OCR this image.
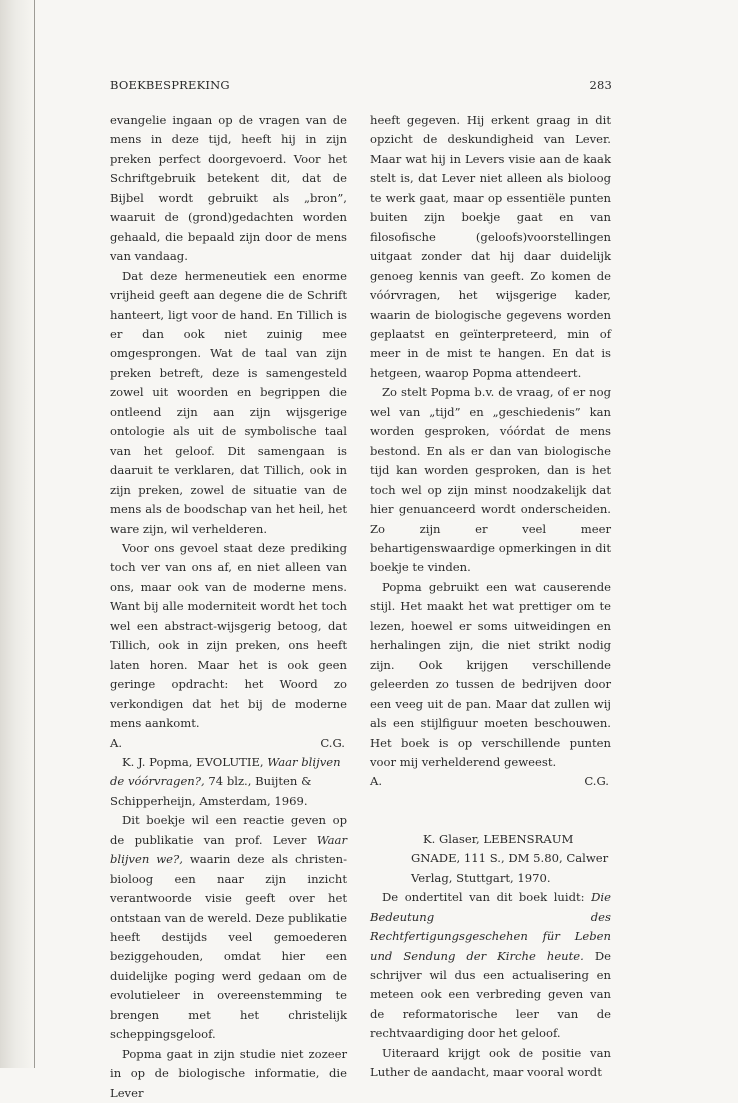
BOEKBESPREKING	283

evangelie ingaan op de vragen van de mens in deze tijd, heeft hij in zijn preken perfect doorgevoerd. Voor het Schriftgebruik betekent dit, dat de Bijbel wordt gebruikt als „bron”, waaruit de (grond)gedachten worden gehaald, die bepaald zijn door de mens van vandaag.

Dat deze hermeneutiek een enorme vrijheid geeft aan degene die de Schrift hanteert, ligt voor de hand. En Tillich is er dan ook niet zuinig mee omgesprongen. Wat de taal van zijn preken betreft, deze is samengesteld zowel uit woorden en begrippen die ontleend zijn aan zijn wijsgerige ontologie als uit de symbolische taal van het geloof. Dit samengaan is daaruit te verklaren, dat Tillich, ook in zijn preken, zowel de situatie van de mens als de boodschap van het heil, het ware zijn, wil verhelderen.

Voor ons gevoel staat deze prediking toch ver van ons af, en niet alleen van ons, maar ook van de moderne mens. Want bij alle moderniteit wordt het toch wel een abstract-wijsgerig betoog, dat Tillich, ook in zijn preken, ons heeft laten horen. Maar het is ook geen geringe opdracht: het Woord zo verkondigen dat het bij de moderne mens aankomt.

A.	C.G.

K. J. Popma, EVOLUTIE, Waar blijven de vóórvragen?, 74 blz., Buijten & Schipperheijn, Amsterdam, 1969.

Dit boekje wil een reactie geven op de publikatie van prof. Lever Waar blijven we?, waarin deze als christen-bioloog een naar zijn inzicht verantwoorde visie geeft over het ontstaan van de wereld. Deze publikatie heeft destijds veel gemoederen beziggehouden, omdat hier een duidelijke poging werd gedaan om de evolutieleer in overeenstemming te brengen met het christelijk scheppingsgeloof.

Popma gaat in zijn studie niet zozeer in op de biologische informatie, die Lever

heeft gegeven. Hij erkent graag in dit opzicht de deskundigheid van Lever. Maar wat hij in Levers visie aan de kaak stelt is, dat Lever niet alleen als bioloog te werk gaat, maar op essentiële punten buiten zijn boekje gaat en van filosofische (geloofs)voorstellingen uitgaat zonder dat hij daar duidelijk genoeg kennis van geeft. Zo komen de vóórvragen, het wijsgerige kader, waarin de biologische gegevens worden geplaatst en geïnterpreteerd, min of meer in de mist te hangen. En dat is hetgeen, waarop Popma attendeert.

Zo stelt Popma b.v. de vraag, of er nog wel van „tijd” en „geschiedenis” kan worden gesproken, vóórdat de mens bestond. En als er dan van biologische tijd kan worden gesproken, dan is het toch wel op zijn minst noodzakelijk dat hier genuanceerd wordt onderscheiden. Zo zijn er veel meer behartigenswaardige opmerkingen in dit boekje te vinden.

Popma gebruikt een wat causerende stijl. Het maakt het wat prettiger om te lezen, hoewel er soms uitweidingen en herhalingen zijn, die niet strikt nodig zijn. Ook krijgen verschillende geleerden zo tussen de bedrijven door een veeg uit de pan. Maar dat zullen wij als een stijlfiguur moeten beschouwen. Het boek is op verschillende punten voor mij verhelderend geweest.

A.	C.G.

K. Glaser, LEBENSRAUM GNADE, 111 S., DM 5.80, Calwer Verlag, Stuttgart, 1970.

De ondertitel van dit boek luidt: Die Bedeutung des Rechtfertigungsgeschehen für Leben und Sendung der Kirche heute. De schrijver wil dus een actualisering en meteen ook een verbreding geven van de reformatorische leer van de rechtvaardiging door het geloof.

Uiteraard krijgt ook de positie van Luther de aandacht, maar vooral wordt
